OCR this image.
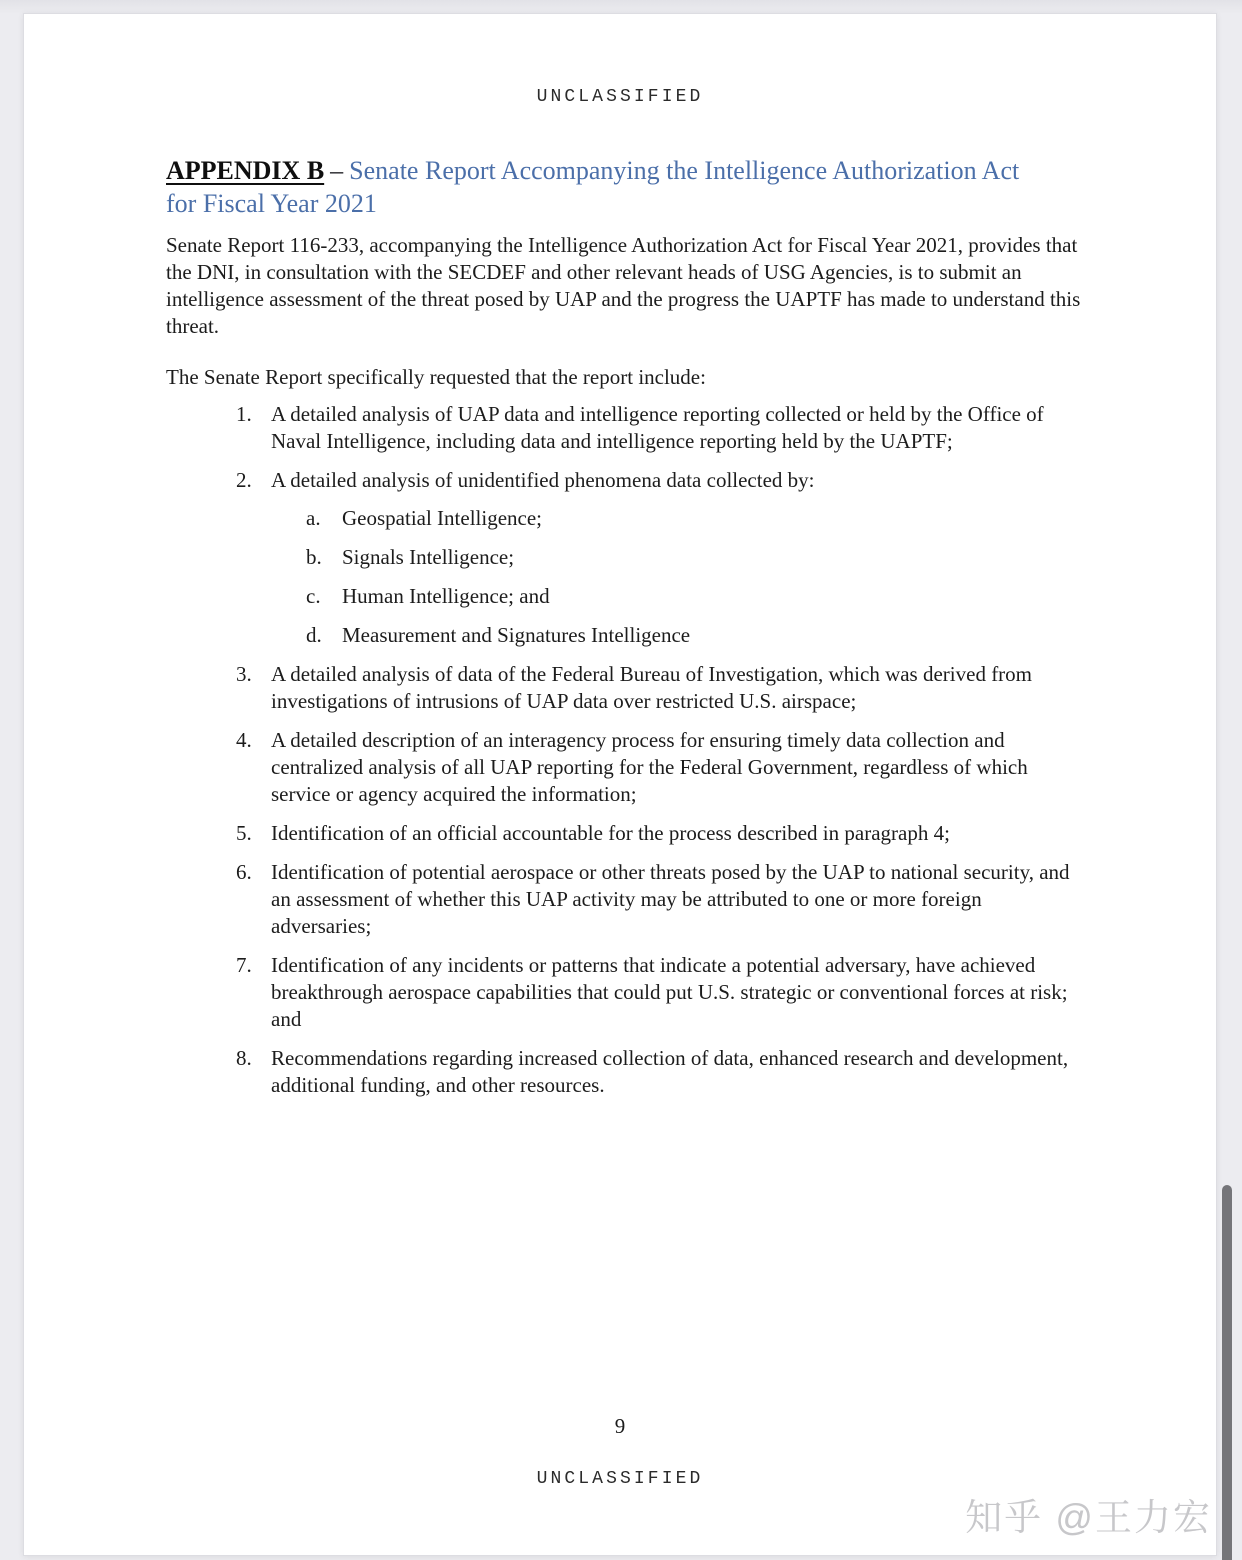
UNCLASSIFIED
APPENDIX B – Senate Report Accompanying the Intelligence Authorization Act
for Fiscal Year 2021

Senate Report 116-233, accompanying the Intelligence Authorization Act for Fiscal Year 2021, provides that the DNI, in consultation with the SECDEF and other relevant heads of USG Agencies, is to submit an intelligence assessment of the threat posed by UAP and the progress the UAPTF has made to understand this threat.

The Senate Report specifically requested that the report include:

1. A detailed analysis of UAP data and intelligence reporting collected or held by the Office of Naval Intelligence, including data and intelligence reporting held by the UAPTF;
2. A detailed analysis of unidentified phenomena data collected by:
a.	Geospatial Intelligence;
b. Signals Intelligence;
c.	Human Intelligence; and
d. Measurement and Signatures Intelligence
3. A detailed analysis of data of the Federal Bureau of Investigation, which was derived from investigations of intrusions of UAP data over restricted U.S. airspace;
4. A detailed description of an interagency process for ensuring timely data collection and centralized analysis of all UAP reporting for the Federal Government, regardless of which service or agency acquired the information;
5. Identification of an official accountable for the process described in paragraph 4;
6. Identification of potential aerospace or other threats posed by the UAP to national security, and an assessment of whether this UAP activity may be attributed to one or more foreign adversaries;
7. Identification of any incidents or patterns that indicate a potential adversary, have achieved breakthrough aerospace capabilities that could put U.S. strategic or conventional forces at risk; and
8. Recommendations regarding increased collection of data, enhanced research and development, additional funding, and other resources.
9
UNCLASSIFIED
知乎 @王力宏
